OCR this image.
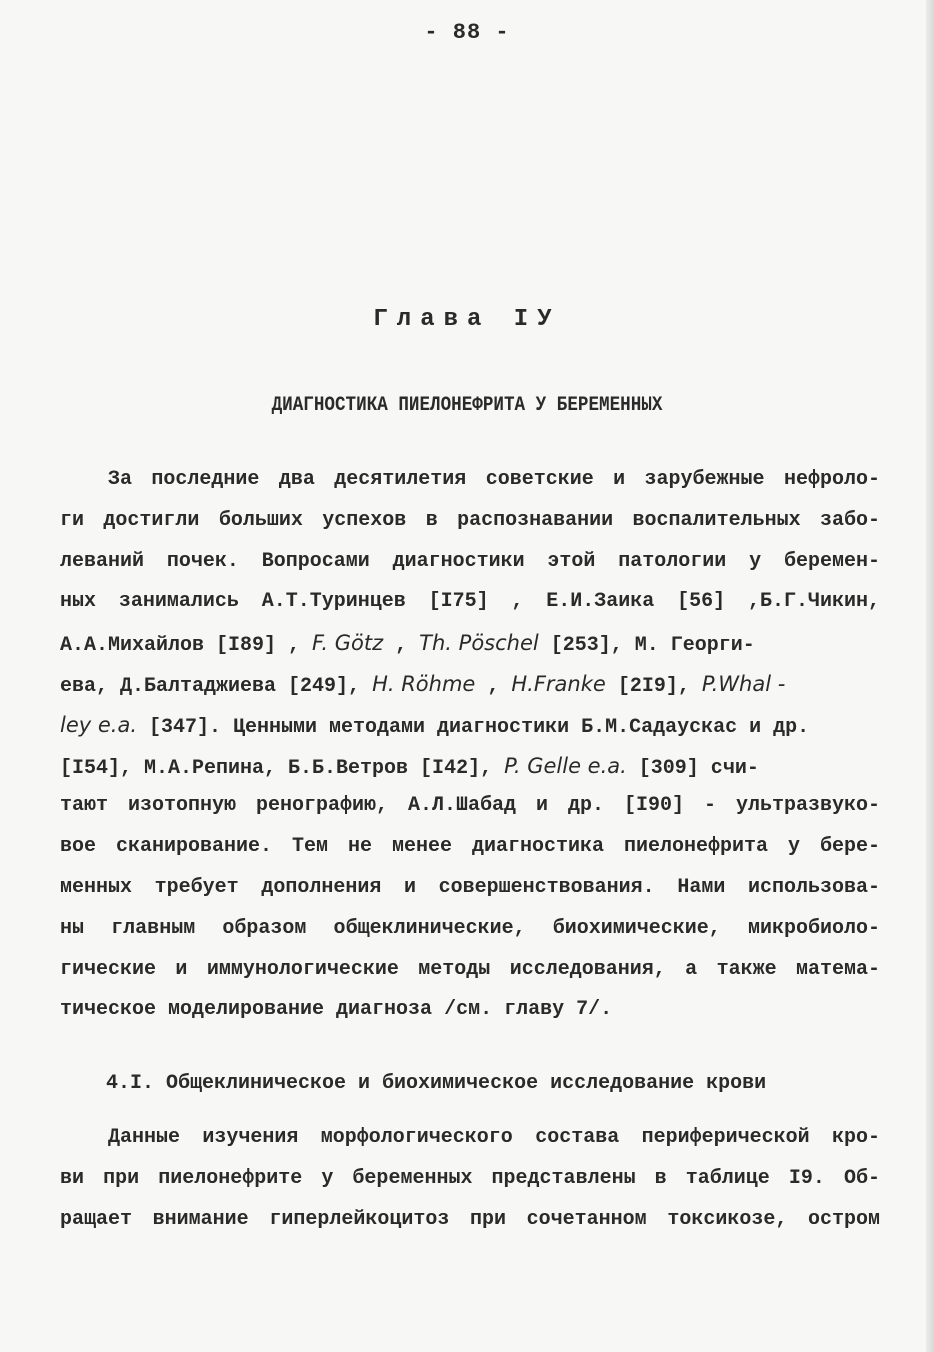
- 88 -
Глава IУ
ДИАГНОСТИКА ПИЕЛОНЕФРИТА У БЕРЕМЕННЫХ
За последние два десятилетия советские и зарубежные нефроло-
ги достигли больших успехов в распознавании воспалительных забо-
леваний почек. Вопросами диагностики этой патологии у беремен-
ных занимались А.Т.Туринцев [I75] , Е.И.Заика [56] ,Б.Г.Чикин,
А.А.Михайлов [I89] , F. Götz , Th. Pöschel [253], М. Георги-
ева, Д.Балтаджиева [249], H. Röhme , H.Franke [2I9], P.Whal -
ley e.a. [347]. Ценными методами диагностики Б.М.Садаускас и др.
[I54], М.А.Репина, Б.Б.Ветров [I42], P. Gelle e.a. [309] счи-
тают изотопную ренографию, А.Л.Шабад и др. [I90] - ультразвуко-
вое сканирование. Тем не менее диагностика пиелонефрита у бере-
менных требует дополнения и совершенствования. Нами использова-
ны главным образом общеклинические, биохимические, микробиоло-
гические и иммунологические методы исследования, а также матема-
тическое моделирование диагноза /см. главу 7/.
4.I. Общеклиническое и биохимическое исследование крови
Данные изучения морфологического состава периферической кро-
ви при пиелонефрите у беременных представлены в таблице I9. Об-
ращает внимание гиперлейкоцитоз при сочетанном токсикозе, остром
